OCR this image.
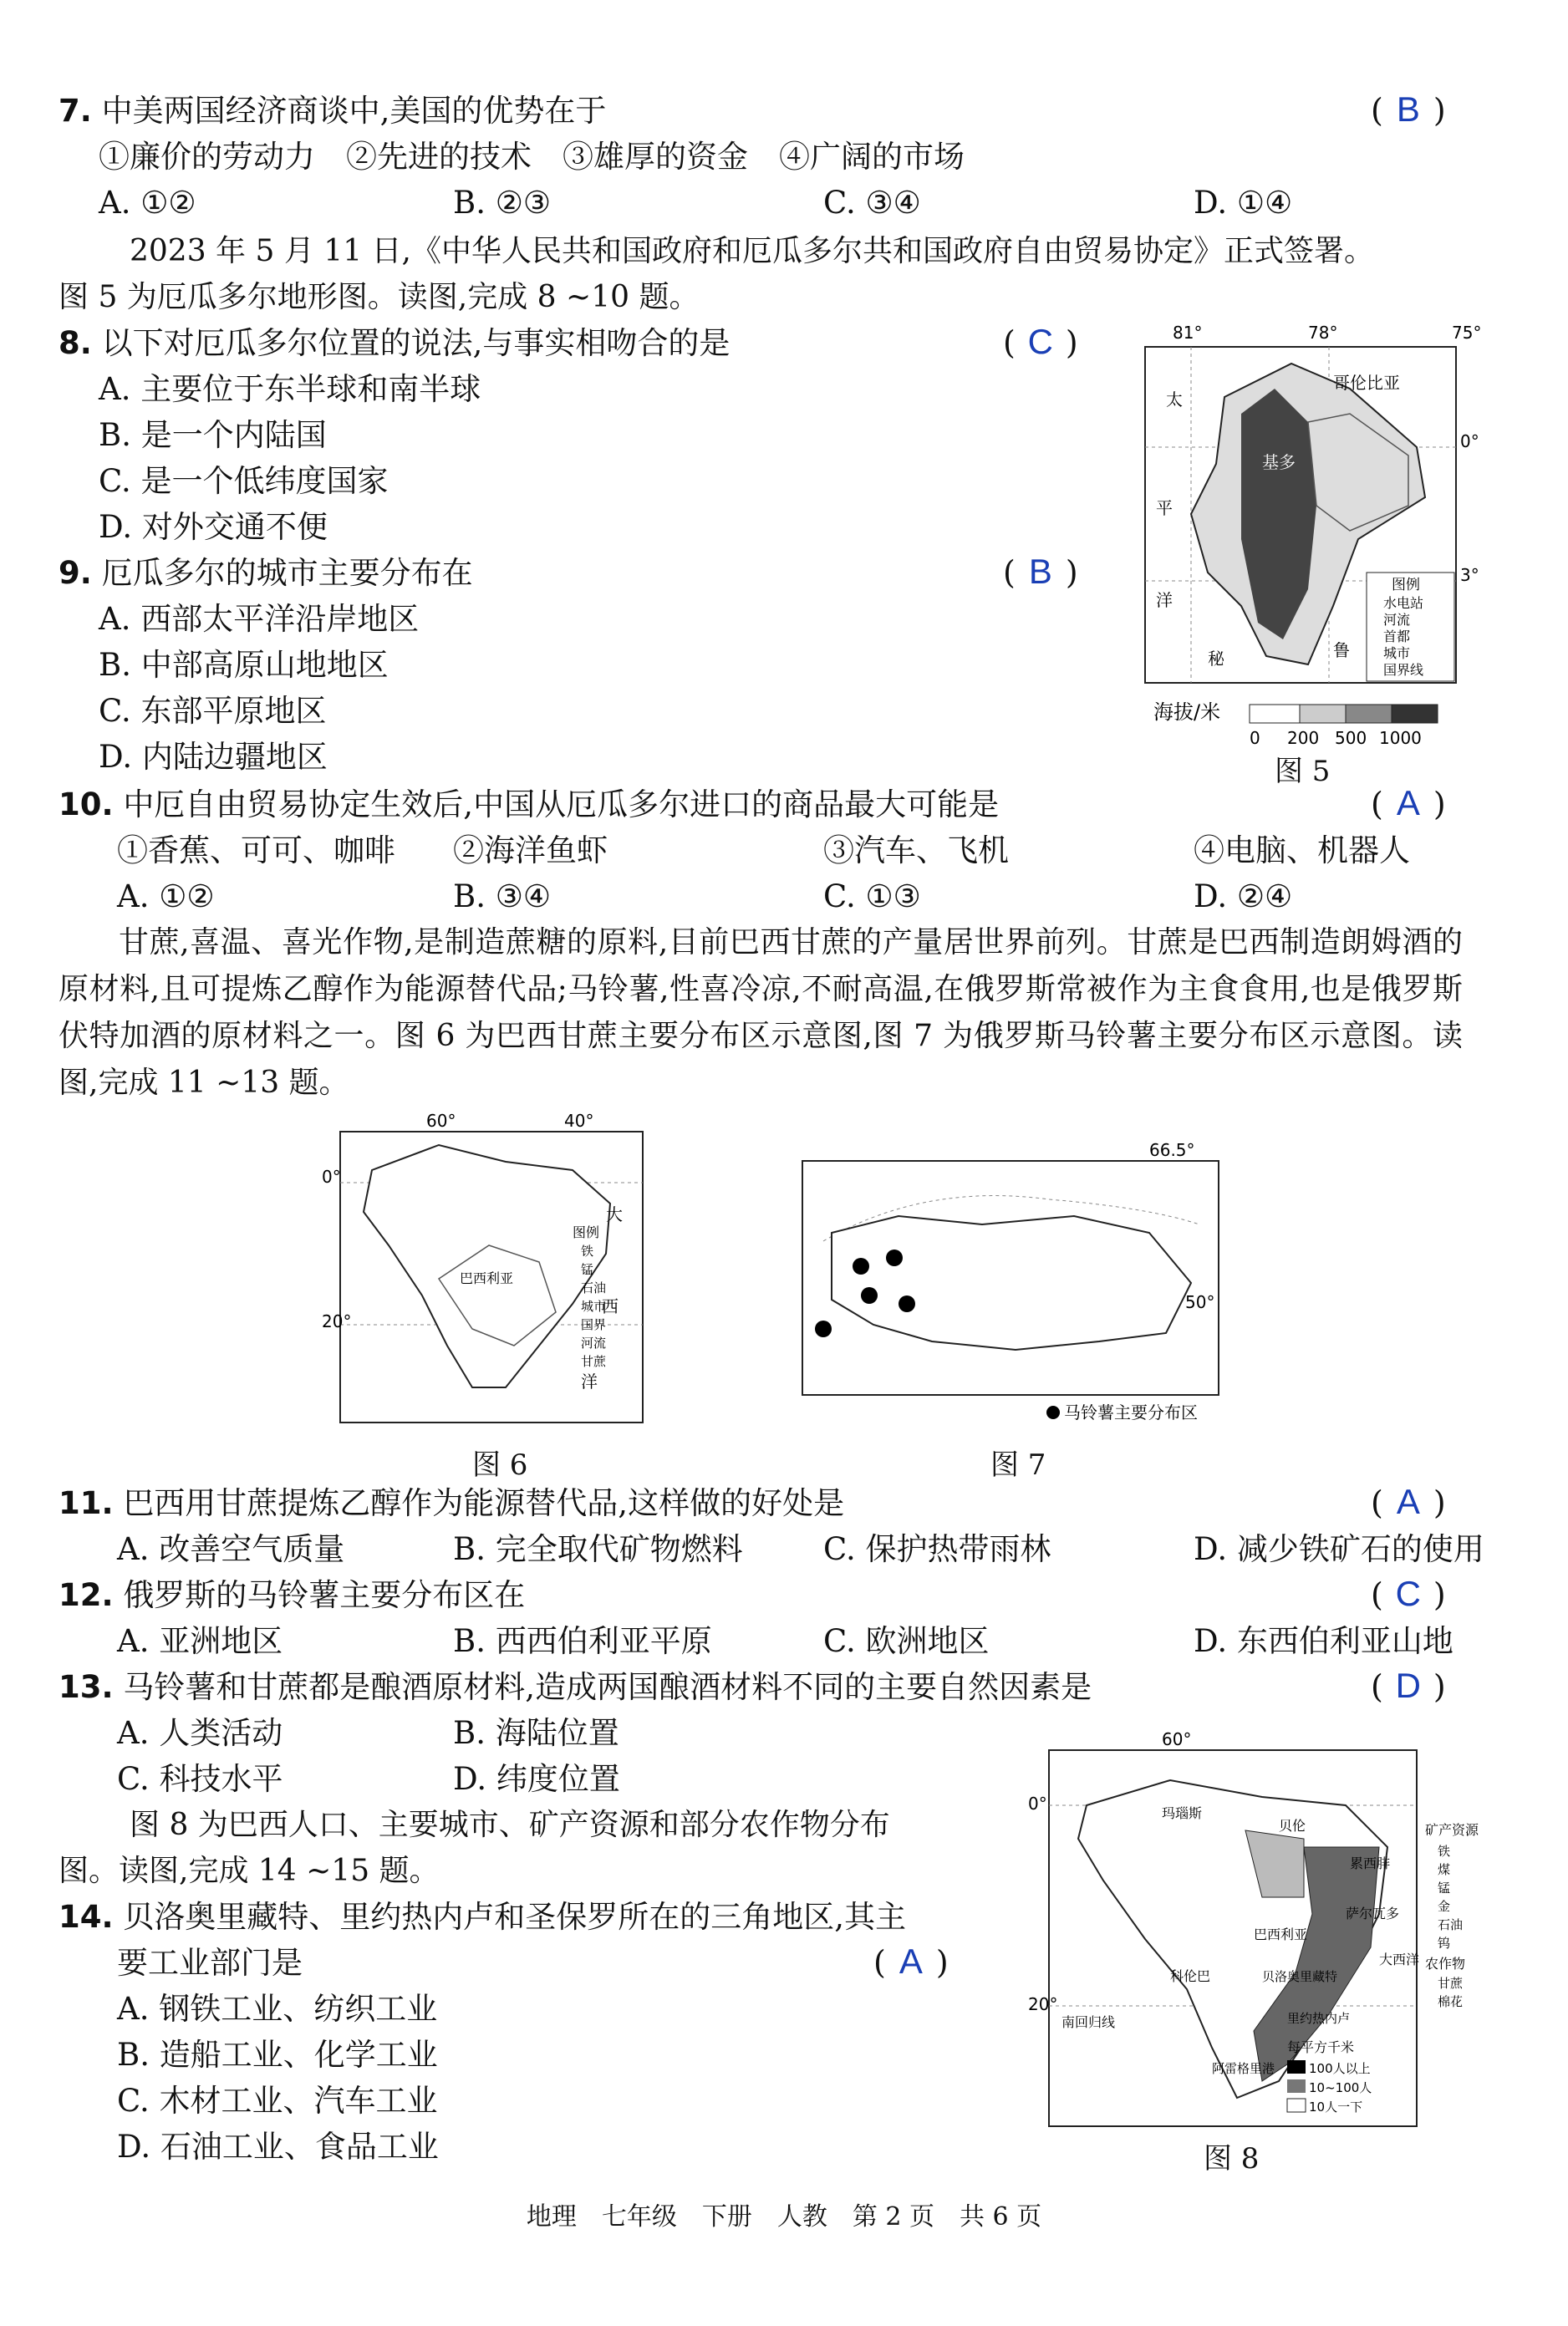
7. 中美两国经济商谈中,美国的优势在于	( B )
①廉价的劳动力　②先进的技术　③雄厚的资金　④广阔的市场
A. ①②	B. ②③	C. ③④	D. ①④
2023 年 5 月 11 日,《中华人民共和国政府和厄瓜多尔共和国政府自由贸易协定》正式签署。
图 5 为厄瓜多尔地形图。读图,完成 8 ~10 题。
8. 以下对厄瓜多尔位置的说法,与事实相吻合的是	( C )
A. 主要位于东半球和南半球
B. 是一个内陆国
C. 是一个低纬度国家
D. 对外交通不便
9. 厄瓜多尔的城市主要分布在	( B )
A. 西部太平洋沿岸地区
B. 中部高原山地地区
C. 东部平原地区
D. 内陆边疆地区
81°	78°	75°
哥伦比亚
太
平
洋
秘	鲁
基多
0°
3°
图例
水电站
河流
首都
城市
国界线
海拔/米
0 200 500 1000
图 5
10. 中厄自由贸易协定生效后,中国从厄瓜多尔进口的商品最大可能是	( A )
①香蕉、可可、咖啡 ②海洋鱼虾	③汽车、飞机	④电脑、机器人
A. ①②	B. ③④	C. ①③	D. ②④
甘蔗,喜温、喜光作物,是制造蔗糖的原料,目前巴西甘蔗的产量居世界前列。甘蔗是巴西制造朗姆酒的原材料,且可提炼乙醇作为能源替代品;马铃薯,性喜冷凉,不耐高温,在俄罗斯常被作为主食食用,也是俄罗斯伏特加酒的原材料之一。图 6 为巴西甘蔗主要分布区示意图,图 7 为俄罗斯马铃薯主要分布区示意图。读图,完成 11 ~13 题。
60°	40°
0°
20°
大
西
洋
巴西利亚
图例
铁
锰
石油
城市
国界
河流
甘蔗
图 6
66.5°
50°
马铃薯主要分布区
图 7
11. 巴西用甘蔗提炼乙醇作为能源替代品,这样做的好处是	( A )
A. 改善空气质量	B. 完全取代矿物燃料	C. 保护热带雨林	D. 减少铁矿石的使用
12. 俄罗斯的马铃薯主要分布区在	( C )
A. 亚洲地区	B. 西西伯利亚平原	C. 欧洲地区	D. 东西伯利亚山地
13. 马铃薯和甘蔗都是酿酒原材料,造成两国酿酒材料不同的主要自然因素是	( D )
A. 人类活动	B. 海陆位置
C. 科技水平	D. 纬度位置
图 8 为巴西人口、主要城市、矿产资源和部分农作物分布
图。读图,完成 14 ~15 题。
14. 贝洛奥里藏特、里约热内卢和圣保罗所在的三角地区,其主
要工业部门是	( A )
A. 钢铁工业、纺织工业
B. 造船工业、化学工业
C. 木材工业、汽车工业
D. 石油工业、食品工业
60°
0°
20°
玛瑙斯
贝伦
累西腓
萨尔瓦多
巴西利亚
科伦巴	贝洛奥里藏特
里约热内卢
阿雷格里港
南回归线
大西洋
矿产资源
铁
煤
锰
金
石油
钨
农作物
甘蔗
棉花
每平方千米
100人以上
10~100人
10人一下
图 8
地理　七年级　下册　人教　第 2 页　共 6 页
